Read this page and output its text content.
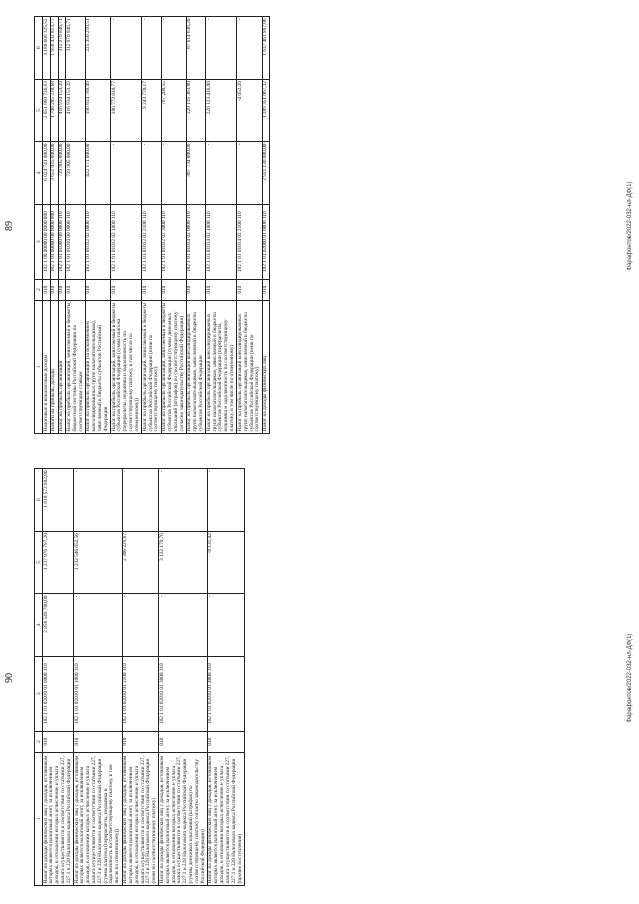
89
1	2	3	4	5	6
Налоговые и неналоговые доходы	010	182 1 00 00000 00 0000 000	6 024 741 000,00	2 851 860 726,63	3 180 608 325,52
Налоги на прибыль, доходы	010	182 1 01 00000 00 0000 000	3 651 035 000,00	1 706 285 220,68	1 950 432 813,77
Налог на прибыль организаций	010	182 1 01 01000 00 0000 110	729 905 000,00	416 934 153,29	312 970 846,71
Налог на прибыль организаций, зачисляемый в бюджеты бюджетной системы Российской Федерации по соответствующим ставкам	010	182 1 01 01010 00 0000 110	729 905 000,00	416 934 153,29	312 970 846,71
Налог на прибыль организаций (за исключением консолидированных групп налогоплательщиков), зачисляемый в бюджеты субъектов Российской Федерации	010	182 1 01 01012 02 0000 110	422 171 000,00	196 814 789,49	225 356 210,51
Налог на прибыль организаций, зачисляемый в бюджеты субъектов Российской Федерации (сумма платежа (перерасчеты, недоимка и задолженность по соответствующему платежу, в том числе по отмененному))	010	182 1 01 01012 02 1000 110	-	186 773 818,77	-
Налог на прибыль организаций, зачисляемый в бюджеты субъектов Российской Федерации (пени по соответствующему платежу)	010	182 1 01 01012 02 2100 110	-	9 243 770,17	-
Налог на прибыль организаций, зачисляемый в бюджеты субъектов Российской Федерации (суммы денежных взысканий (штрафов) по соответствующему платежу согласно законодательству Российской Федерации)	010	182 1 01 01012 02 3000 110	-	797 200,55	-
Налог на прибыль организаций консолидированных групп налогоплательщиков, зачисляемый в бюджеты субъектов Российской Федерации	010	182 1 01 01014 02 0000 110	307 734 000,00	220 119 363,80	87 614 636,20
Налог на прибыль организаций консолидированных групп налогоплательщиков, зачисляемый в бюджеты субъектов Российской Федерации (перерасчеты, недоимка и задолженность по соответствующему платежу, в том числе по отмененному)	010	182 1 01 01014 02 1000 110	-	220 123 416,00	-
Налог на прибыль организаций консолидированных групп налогоплательщиков, зачисляемый в бюджеты субъектов Российской Федерации (пени по соответствующему платежу)	010	182 1 01 01014 02 2100 110	-	-4 052,20	-
Налог на доходы физических лиц	010	182 1 01 02000 01 0000 110	2 921 130 000,00	1 289 351 067,32	1 637 461 967,06
Фарафонтов/2022-032-нл-ДФ(1)
90
1	2	3	4	5	6
Налог на доходы физических лиц с доходов, источником которых является налоговый агент, за исключением доходов, в отношении которых исчисление и уплата налога осуществляются в соответствии со статьями 227, 227.1 и 228 Налогового кодекса Российской Федерации	010	182 1 01 02010 01 0000 110	2 856 549 700,00	1 237 976 797,20	1 618 572 902,80
Налог на доходы физических лиц с доходов, источником которых является налоговый агент, за исключением доходов, в отношении которых исчисление и уплата налога осуществляются в соответствии со статьями 227, 227.1 и 228 Налогового кодекса Российской Федерации (сумма платежа (перерасчеты, недоимка и задолженность по соответствующему платежу, в том числе по отмененному))	010	182 1 01 02010 01 1000 110	-	1 232 546 652,56	-
Налог на доходы физических лиц с доходов, источником которых является налоговый агент, за исключением доходов, в отношении которых исчисление и уплата налога осуществляются в соответствии со статьями 227, 227.1 и 228 Налогового кодекса Российской Федерации (пени по соответствующему платежу)	010	182 1 01 02010 01 2100 110	-	2 306 229,67	-
Налог на доходы физических лиц с доходов, источником которых является налоговый агент, за исключением доходов, в отношении которых исчисление и уплата налога осуществляются в соответствии со статьями 227, 227.1 и 228 Налогового кодекса Российской Федерации (суммы денежных взысканий (штрафов) по соответствующему платежу согласно законодательству Российской Федерации)	010	182 1 01 02010 01 3000 110	-	3 132 170,76	-
Налог на доходы физических лиц с доходов, источником которых является налоговый агент, за исключением доходов, в отношении которых исчисление и уплата налога осуществляются в соответствии со статьями 227, 227.1 и 228 Налогового кодекса Российской Федерации (прочие поступления)	010	182 1 01 02010 01 4000 110	-	-8 131,42	-
Фарафонтов/2022-032-нл-ДФ(1)
